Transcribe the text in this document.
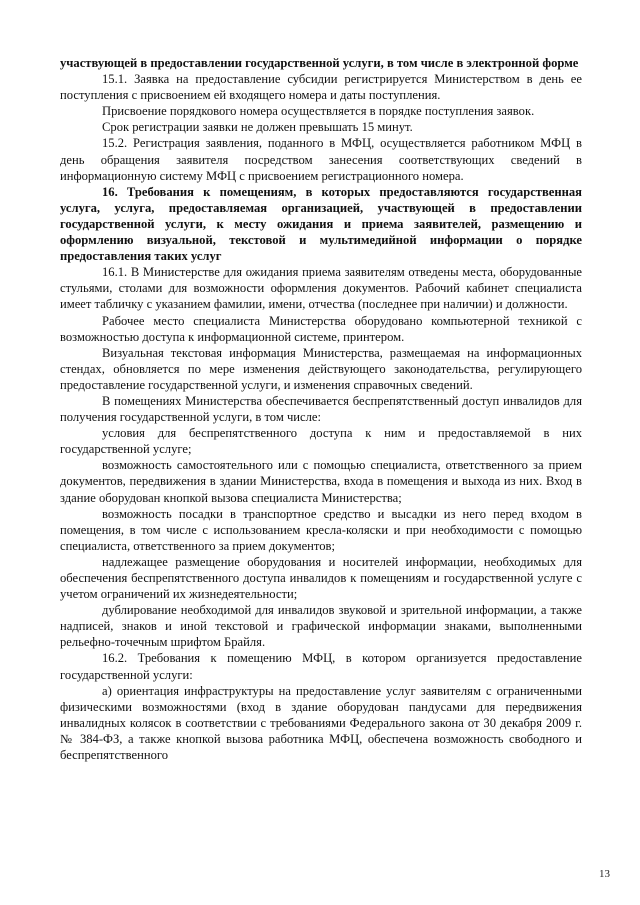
участвующей в предоставлении государственной услуги, в том числе в электронной форме

15.1. Заявка на предоставление субсидии регистрируется Министерством в день ее поступления с присвоением ей входящего номера и даты поступления.

Присвоение порядкового номера осуществляется в порядке поступления заявок.

Срок регистрации заявки не должен превышать 15 минут.

15.2. Регистрация заявления, поданного в МФЦ, осуществляется работником МФЦ в день обращения заявителя посредством занесения соответствующих сведений в информационную систему МФЦ с присвоением регистрационного номера.

16. Требования к помещениям, в которых предоставляются государственная услуга, услуга, предоставляемая организацией, участвующей в предоставлении государственной услуги, к месту ожидания и приема заявителей, размещению и оформлению визуальной, текстовой и мультимедийной информации о порядке предоставления таких услуг

16.1. В Министерстве для ожидания приема заявителям отведены места, оборудованные стульями, столами для возможности оформления документов. Рабочий кабинет специалиста имеет табличку с указанием фамилии, имени, отчества (последнее при наличии) и должности.

Рабочее место специалиста Министерства оборудовано компьютерной техникой с возможностью доступа к информационной системе, принтером.

Визуальная текстовая информация Министерства, размещаемая на информационных стендах, обновляется по мере изменения действующего законодательства, регулирующего предоставление государственной услуги, и изменения справочных сведений.

В помещениях Министерства обеспечивается беспрепятственный доступ инвалидов для получения государственной услуги, в том числе:

условия для беспрепятственного доступа к ним и предоставляемой в них государственной услуге;

возможность самостоятельного или с помощью специалиста, ответственного за прием документов, передвижения в здании Министерства, входа в помещения и выхода из них. Вход в здание оборудован кнопкой вызова специалиста Министерства;

возможность посадки в транспортное средство и высадки из него перед входом в помещения, в том числе с использованием кресла-коляски и при необходимости с помощью специалиста, ответственного за прием документов;

надлежащее размещение оборудования и носителей информации, необходимых для обеспечения беспрепятственного доступа инвалидов к помещениям и государственной услуге с учетом ограничений их жизнедеятельности;

дублирование необходимой для инвалидов звуковой и зрительной информации, а также надписей, знаков и иной текстовой и графической информации знаками, выполненными рельефно-точечным шрифтом Брайля.

16.2. Требования к помещению МФЦ, в котором организуется предоставление государственной услуги:

а) ориентация инфраструктуры на предоставление услуг заявителям с ограниченными физическими возможностями (вход в здание оборудован пандусами для передвижения инвалидных колясок в соответствии с требованиями Федерального закона от 30 декабря 2009 г. № 384-ФЗ, а также кнопкой вызова работника МФЦ, обеспечена возможность свободного и беспрепятственного

13
